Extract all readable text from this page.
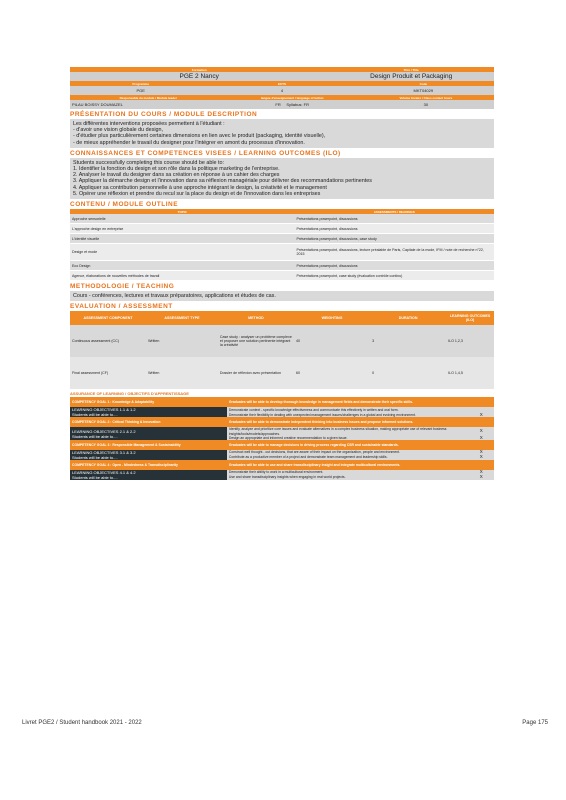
Formation	Titre / Title
PGE 2 Nancy	Design Produit et Packaging
Programme	ECTS	Code
PGE	4	MKT04029
Responsable du module / Module leader	langue d'enseignement / language of tuition	Volume horaire / Class contact hours
PILAU BOISSY DOUMAZEL	FR Syllabus: FR	30
PRÉSENTATION DU COURS / MODULE DESCRIPTION
Les différentes interventions proposées permettent à l'étudiant :
- d'avoir une vision globale du design,
- d'étudier plus particulièrement certaines dimensions en lien avec le produit (packaging, identité visuelle),
- de mieux appréhender le travail du designer pour l'intégrer en amont du processus d'innovation.
CONNAISSANCES ET COMPETENCES VISEES / LEARNING OUTCOMES (ILO)
Students successfully completing this course should be able to:
1. Identifier la fonction du design et son rôle dans la politique marketing de l'entreprise.
2. Analyser le travail du designer dans sa création en réponse à un cahier des charges
3. Appliquer la démarche design et l'innovation dans sa réflexion managériale pour délivrer des recommandations pertinentes
4. Appliquer sa contribution personnelle à une approche intégrant le design, la créativité et le management
5. Opérer une réflexion et prendre du recul sur la place du design et de l'innovation dans les entreprises
CONTENU / MODULE OUTLINE
TOPIC	ASSESSMENTS / READINGS
Approche sensorielle	Présentations powerpoint, discussions
L'approche design en entreprise	Présentations powerpoint, discussions
L'identité visuelle	Présentations powerpoint, discussions, case study
Design et mode	Présentations powerpoint, discussions, lecture préalable de Paris, Capitale de la mode, IFM / note de recherche n°22, 2015
Eco Design	Présentations powerpoint, discussions
Agence, élaborations de nouvelles méthodes de travail	Présentations powerpoint, case study (évaluation contrôle continu)
METHODOLOGIE / TEACHING
Cours - conférences, lectures et travaux préparatoires, applications et études de cas.
EVALUATION / ASSESSMENT
ASSESSMENT COMPONENT	ASSESSMENT TYPE	METHOD	WEIGHTING	DURATION	LEARNING OUTCOMES (ILO)
Continuous assessment (CC)	Written	Case study : analyser un problème complexe et proposer une solution pertinente intégrant la créativité	40	3	ILO 1,2,3
Final assessment (CF)	Written	Dossier de réflexion avec présentation	60	0	ILO 1,4,5
ASSURANCE OF LEARNING / OBJECTIFS D'APPRENTISSAGE
COMPETENCY GOAL 1 : Knowledge & Adaptability	Graduates will be able to develop thorough knowledge in management fields and demonstrate their specific skills.	

LEARNING OBJECTIVES 1.1 & 1.2
Students will be able to....	Demonstrate context - specific knowledge effectiveness and communicate this effectively in written and oral form.	
	Demonstrate their flexibility in dealing with unexpected management issues/challenges in a global and evolving environment.	X
COMPETENCY GOAL 2 : Critical Thinking & Innovation	Graduates will be able to demonstrate independent thinking into business issues and propose informed solutions.	

LEARNING OBJECTIVES 2.1 & 2.2
Students will be able to....	Identify, analyze and prioritize core issues and evaluate alternatives in a complex business situation, making appropriate use of relevant business insights/tools/models/approaches.	X
	Design an appropriate and informed creative recommendation to a given issue.	X
COMPETENCY GOAL 3 : Responsible Management & Sustainability	Graduates will be able to manage decisions in driving process regarding CSR and sustainable standards.	

LEARNING OBJECTIVES 3.1 & 3.2
Students will be able to....	Construct well thought - out decisions, that are aware of their impact on the organization, people and environment.	X
	Contribute as a productive member of a project and demonstrate team management and leadership skills.	X
COMPETENCY GOAL 4 : Open - Mindedness & Transdisciplinarity	Graduates will be able to use and share transdisciplinary insight and integrate multicultural environments.	

LEARNING OBJECTIVES 4.1 & 4.2
Students will be able to....	Demonstrate their ability to work in a multicultural environment.	X
	Use and share transdisciplinary insights when engaging in real world projects.	X
Livret PGE2 / Student handbook 2021 - 2022	Page 175
